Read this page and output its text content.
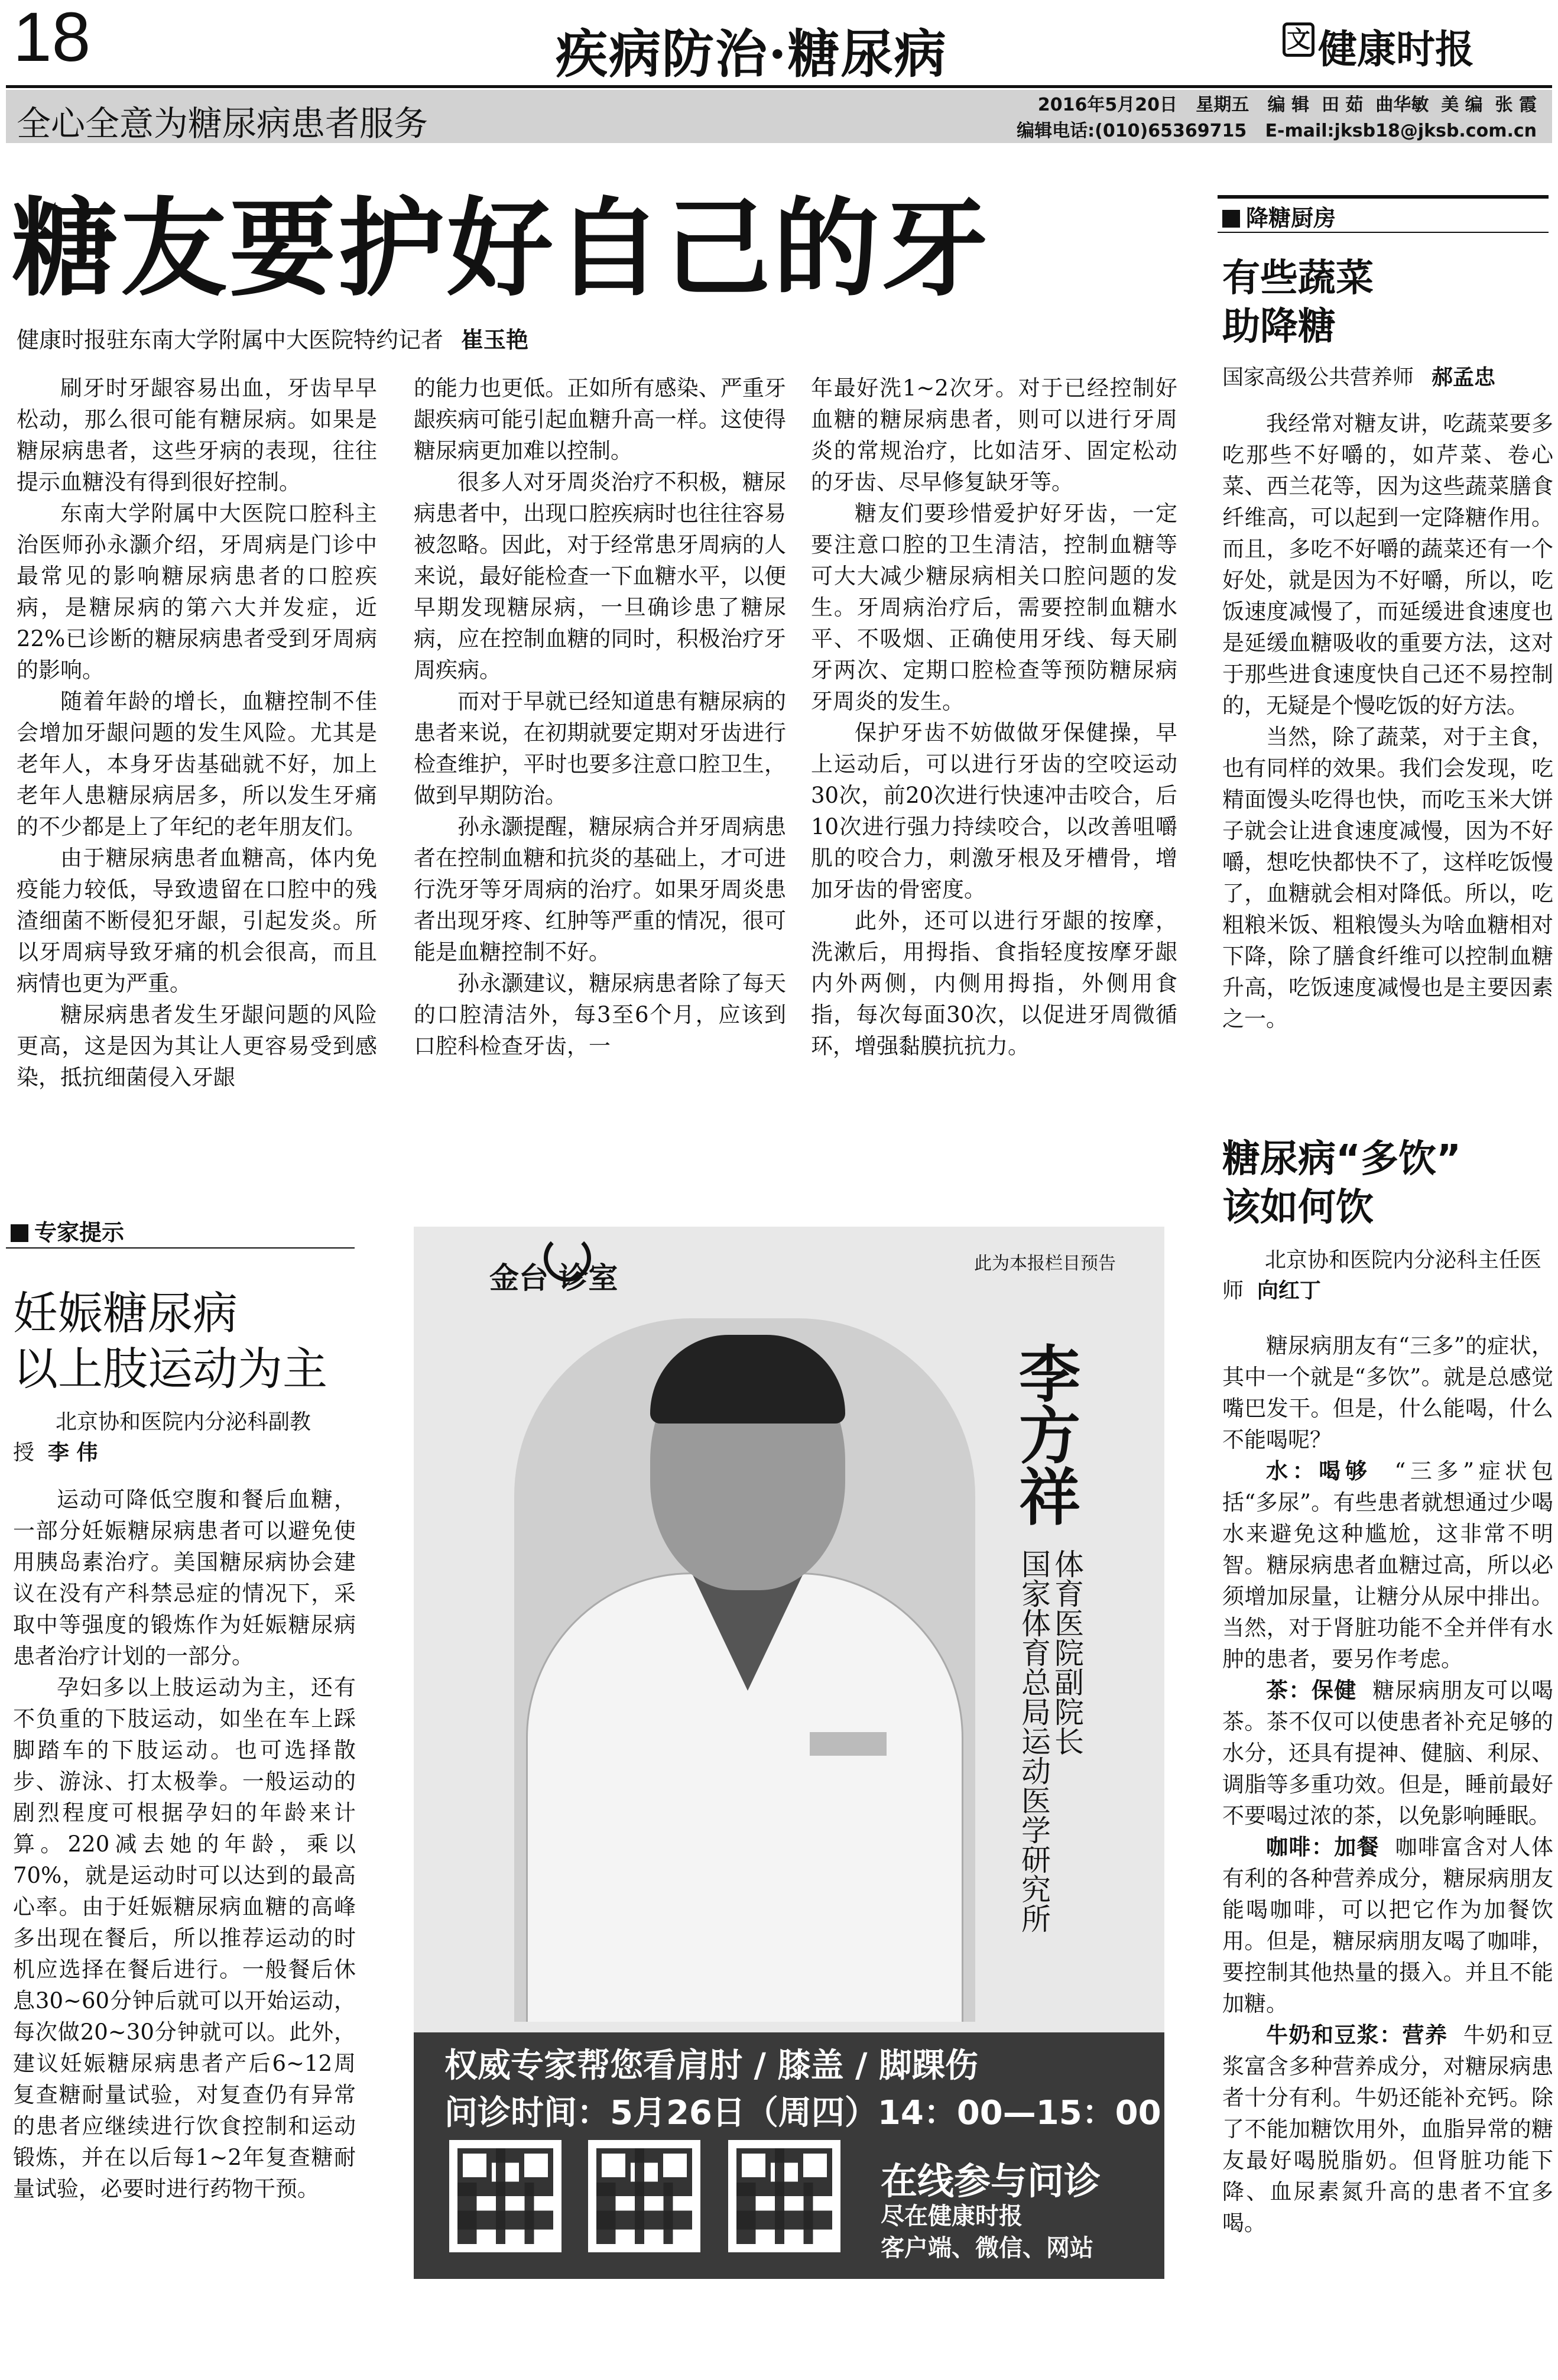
18	疾病防治·糖尿病	文 健康时报
全心全意为糖尿病患者服务	2016年5月20日   星期五   编 辑  田 茹  曲华敏  美 编  张 霞
编辑电话:(010)65369715   E-mail:jksb18@jksb.com.cn
糖友要护好自己的牙
健康时报驻东南大学附属中大医院特约记者 崔玉艳

刷牙时牙龈容易出血，牙齿早早松动，那么很可能有糖尿病。如果是糖尿病患者，这些牙病的表现，往往提示血糖没有得到很好控制。

东南大学附属中大医院口腔科主治医师孙永灏介绍，牙周病是门诊中最常见的影响糖尿病患者的口腔疾病，是糖尿病的第六大并发症，近22%已诊断的糖尿病患者受到牙周病的影响。

随着年龄的增长，血糖控制不佳会增加牙龈问题的发生风险。尤其是老年人，本身牙齿基础就不好，加上老年人患糖尿病居多，所以发生牙痛的不少都是上了年纪的老年朋友们。

由于糖尿病患者血糖高，体内免疫能力较低，导致遗留在口腔中的残渣细菌不断侵犯牙龈，引起发炎。所以牙周病导致牙痛的机会很高，而且病情也更为严重。

糖尿病患者发生牙龈问题的风险更高，这是因为其让人更容易受到感染，抵抗细菌侵入牙龈

的能力也更低。正如所有感染、严重牙龈疾病可能引起血糖升高一样。这使得糖尿病更加难以控制。

很多人对牙周炎治疗不积极，糖尿病患者中，出现口腔疾病时也往往容易被忽略。因此，对于经常患牙周病的人来说，最好能检查一下血糖水平，以便早期发现糖尿病，一旦确诊患了糖尿病，应在控制血糖的同时，积极治疗牙周疾病。

而对于早就已经知道患有糖尿病的患者来说，在初期就要定期对牙齿进行检查维护，平时也要多注意口腔卫生，做到早期防治。

孙永灏提醒，糖尿病合并牙周病患者在控制血糖和抗炎的基础上，才可进行洗牙等牙周病的治疗。如果牙周炎患者出现牙疼、红肿等严重的情况，很可能是血糖控制不好。

孙永灏建议，糖尿病患者除了每天的口腔清洁外，每3至6个月，应该到口腔科检查牙齿，一

年最好洗1~2次牙。对于已经控制好血糖的糖尿病患者，则可以进行牙周炎的常规治疗，比如洁牙、固定松动的牙齿、尽早修复缺牙等。

糖友们要珍惜爱护好牙齿，一定要注意口腔的卫生清洁，控制血糖等可大大减少糖尿病相关口腔问题的发生。牙周病治疗后，需要控制血糖水平、不吸烟、正确使用牙线、每天刷牙两次、定期口腔检查等预防糖尿病牙周炎的发生。

保护牙齿不妨做做牙保健操，早上运动后，可以进行牙齿的空咬运动30次，前20次进行快速冲击咬合，后10次进行强力持续咬合，以改善咀嚼肌的咬合力，刺激牙根及牙槽骨，增加牙齿的骨密度。

此外，还可以进行牙龈的按摩，洗漱后，用拇指、食指轻度按摩牙龈内外两侧，内侧用拇指，外侧用食指，每次每面30次，以促进牙周微循环，增强黏膜抗抗力。

降糖厨房
有些蔬菜
助降糖
国家高级公共营养师 郝孟忠

我经常对糖友讲，吃蔬菜要多吃那些不好嚼的，如芹菜、卷心菜、西兰花等，因为这些蔬菜膳食纤维高，可以起到一定降糖作用。而且，多吃不好嚼的蔬菜还有一个好处，就是因为不好嚼，所以，吃饭速度减慢了，而延缓进食速度也是延缓血糖吸收的重要方法，这对于那些进食速度快自己还不易控制的，无疑是个慢吃饭的好方法。

当然，除了蔬菜，对于主食，也有同样的效果。我们会发现，吃精面馒头吃得也快，而吃玉米大饼子就会让进食速度减慢，因为不好嚼，想吃快都快不了，这样吃饭慢了，血糖就会相对降低。所以，吃粗粮米饭、粗粮馒头为啥血糖相对下降，除了膳食纤维可以控制血糖升高，吃饭速度减慢也是主要因素之一。

糖尿病“多饮”
该如何饮
北京协和医院内分泌科主任医师 向红丁

糖尿病朋友有“三多”的症状，其中一个就是“多饮”。就是总感觉嘴巴发干。但是，什么能喝，什么不能喝呢？

水：喝够 “三多”症状包括“多尿”。有些患者就想通过少喝水来避免这种尴尬，这非常不明智。糖尿病患者血糖过高，所以必须增加尿量，让糖分从尿中排出。当然，对于肾脏功能不全并伴有水肿的患者，要另作考虑。

茶：保健 糖尿病朋友可以喝茶。茶不仅可以使患者补充足够的水分，还具有提神、健脑、利尿、调脂等多重功效。但是，睡前最好不要喝过浓的茶，以免影响睡眠。

咖啡：加餐 咖啡富含对人体有利的各种营养成分，糖尿病朋友能喝咖啡，可以把它作为加餐饮用。但是，糖尿病朋友喝了咖啡，要控制其他热量的摄入。并且不能加糖。

牛奶和豆浆：营养 牛奶和豆浆富含多种营养成分，对糖尿病患者十分有利。牛奶还能补充钙。除了不能加糖饮用外，血脂异常的糖友最好喝脱脂奶。但肾脏功能下降、血尿素氮升高的患者不宜多喝。

专家提示
妊娠糖尿病
以上肢运动为主
北京协和医院内分泌科副教授 李 伟

运动可降低空腹和餐后血糖，一部分妊娠糖尿病患者可以避免使用胰岛素治疗。美国糖尿病协会建议在没有产科禁忌症的情况下，采取中等强度的锻炼作为妊娠糖尿病患者治疗计划的一部分。

孕妇多以上肢运动为主，还有不负重的下肢运动，如坐在车上踩脚踏车的下肢运动。也可选择散步、游泳、打太极拳。一般运动的剧烈程度可根据孕妇的年龄来计算。220减去她的年龄，乘以70%，就是运动时可以达到的最高心率。由于妊娠糖尿病血糖的高峰多出现在餐后，所以推荐运动的时机应选择在餐后进行。一般餐后休息30~60分钟后就可以开始运动，每次做20~30分钟就可以。此外，建议妊娠糖尿病患者产后6~12周复查糖耐量试验，对复查仍有异常的患者应继续进行饮食控制和运动锻炼，并在以后每1~2年复查糖耐量试验，必要时进行药物干预。

金台 诊室	此为本报栏目预告
李方祥
体育医院副院长
国家体育总局运动医学研究所
权威专家帮您看肩肘 / 膝盖 / 脚踝伤
问诊时间：5月26日（周四）14：00—15：00
在线参与问诊
尽在健康时报
客户端、微信、网站
